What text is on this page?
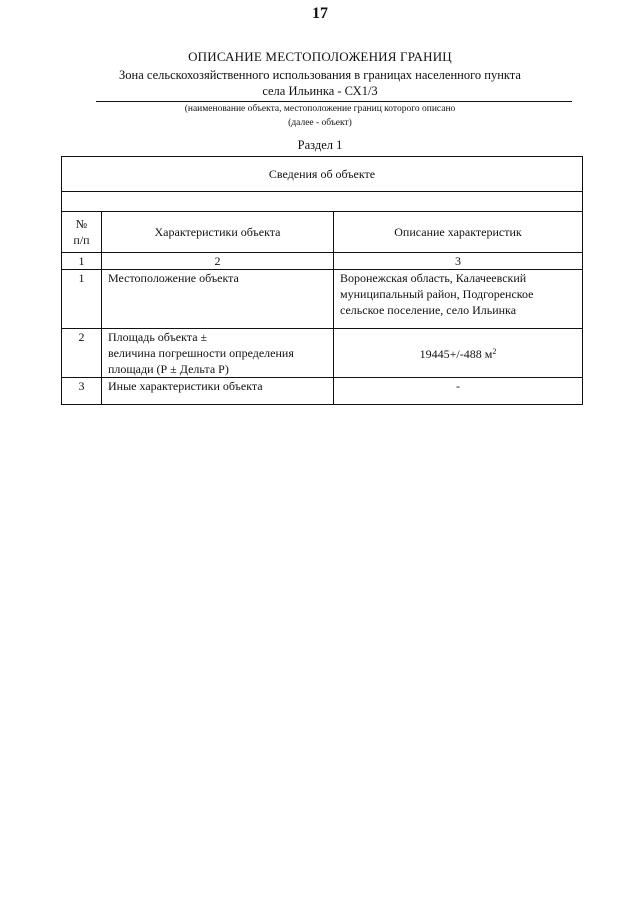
17
ОПИСАНИЕ МЕСТОПОЛОЖЕНИЯ ГРАНИЦ
Зона сельскохозяйственного использования в границах населенного пункта
села Ильинка - СХ1/3
(наименование объекта, местоположение границ которого описано
(далее - объект)
Раздел 1
Сведения об объекте		

№
п/п	Характеристики объекта	Описание характеристик
1	2	3
1	Местоположение объекта	Воронежская область, Калачеевский
муниципальный район, Подгоренское
сельское поселение, село Ильинка

2	Площадь объекта ±
величина погрешности определения
площади (Р ± Дельта Р)	19445+/-488 $м^2$
3	Иные характеристики объекта	-
